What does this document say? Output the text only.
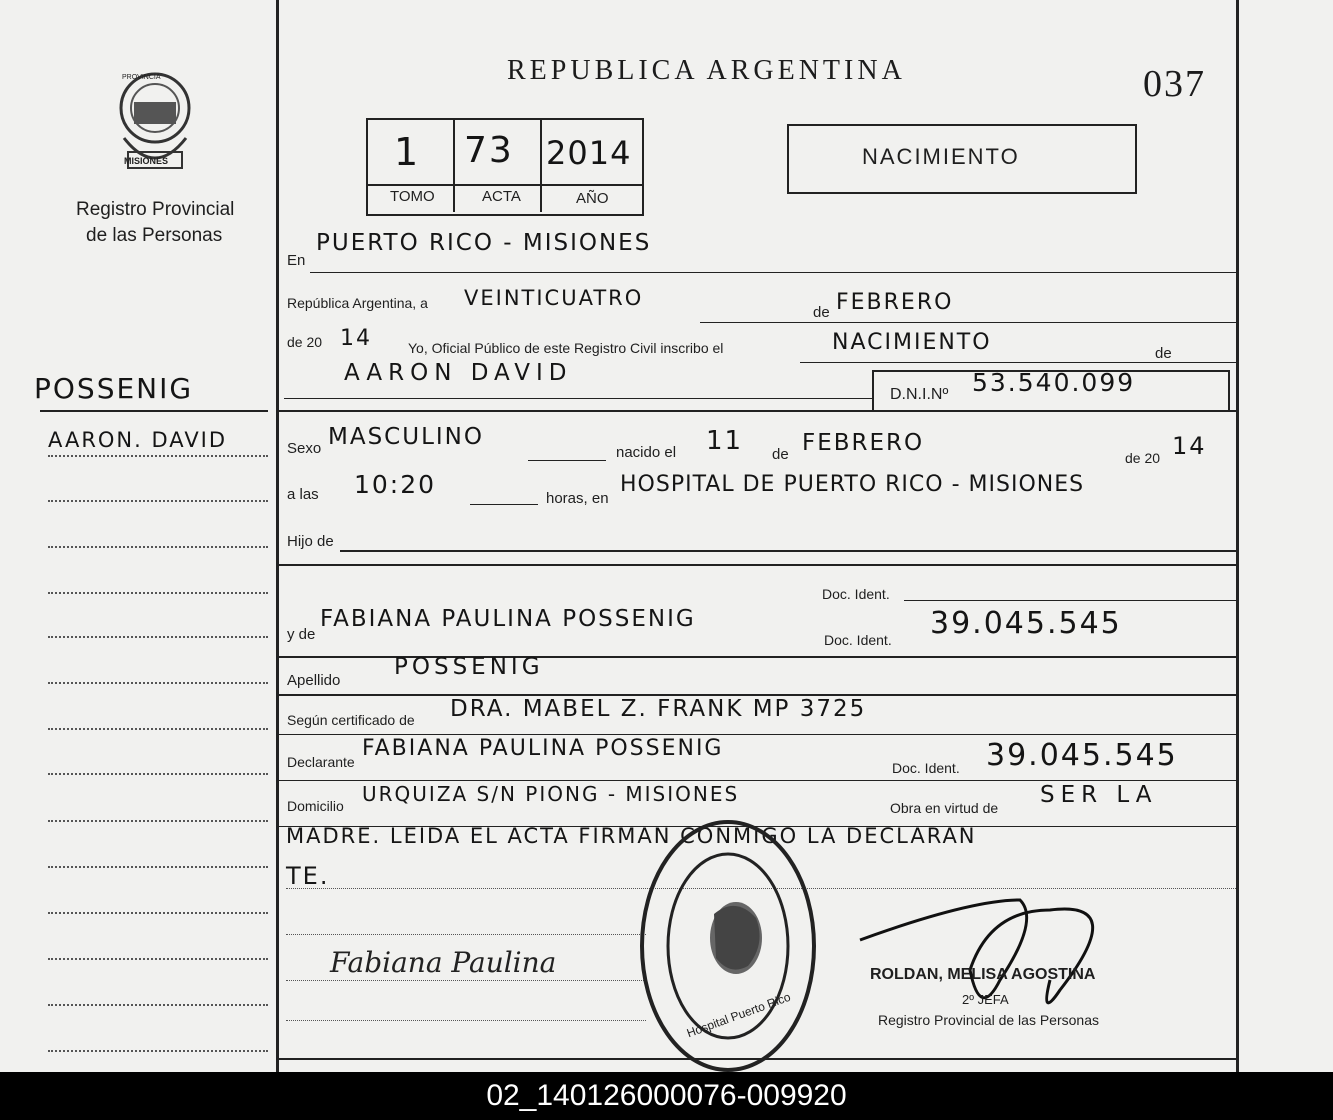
PROVINCIA
MISIONES
Registro Provincial
de las Personas
POSSENIG
AARON. DAVID
REPUBLICA ARGENTINA	037
1 73 2014
TOMO	ACTA	AÑO
NACIMIENTO
En
PUERTO RICO - MISIONES
República Argentina, a VEINTICUATRO
de FEBRERO
de 20 14	Yo, Oficial Público de este Registro Civil inscribo el	NACIMIENTO	de
AARON DAVID
D.N.I.Nº 53.540.099
Sexo MASCULINO
nacido el 11 de FEBRERO
de 20 14
a las 10:20	horas, en
HOSPITAL DE PUERTO RICO - MISIONES
Hijo de
Doc. Ident.
y de
FABIANA PAULINA POSSENIG
Doc. Ident. 39.045.545
Apellido
POSSENIG
Según certificado de DRA. MABEL Z. FRANK MP 3725
Declarante
FABIANA PAULINA POSSENIG
Doc. Ident. 39.045.545
Domicilio URQUIZA S/N PIONG - MISIONES
Obra en virtud de SER LA
MADRE. LEIDA EL ACTA FIRMAN CONMIGO LA DECLARAN
TE.
Fabiana Paulina
Hospital Puerto Rico
ROLDAN, MELISA AGOSTINA
2º JEFA
Registro Provincial de las Personas
02_140126000076-009920
